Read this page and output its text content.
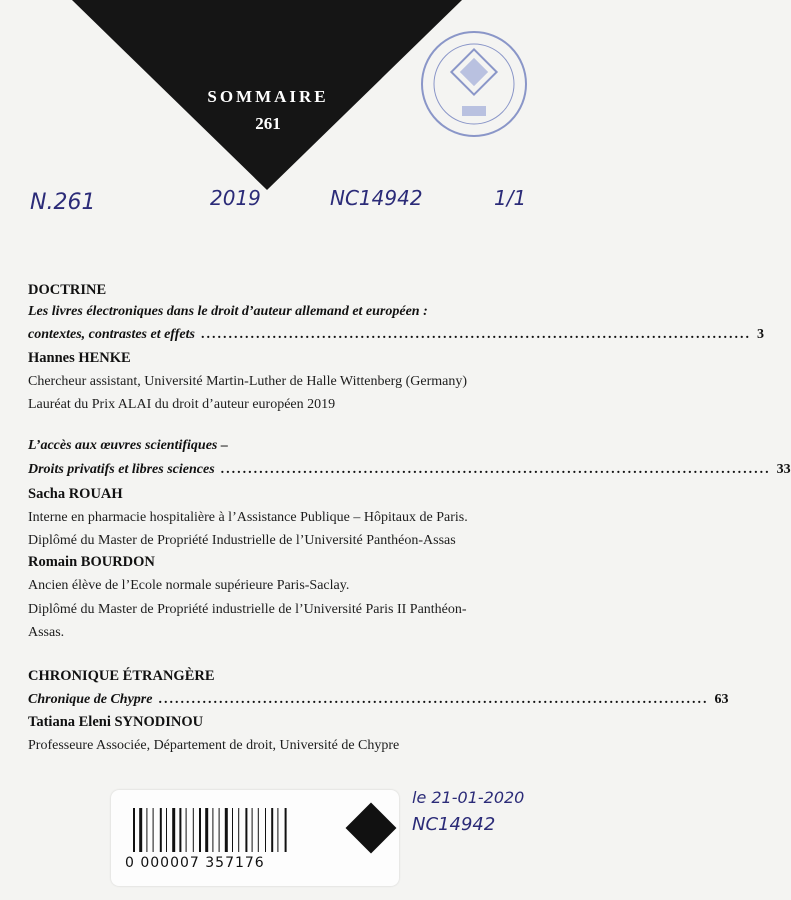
SOMMAIRE
261
N.261	2019	NC14942	1/1
DOCTRINE
Les livres électroniques dans le droit d’auteur allemand et européen :
contextes, contrastes et effets .................................................................................................... 3
Hannes HENKE
Chercheur assistant, Université Martin-Luther de Halle Wittenberg (Germany)
Lauréat du Prix ALAI du droit d’auteur européen 2019
L’accès aux œuvres scientifiques –
Droits privatifs et libres sciences .................................................................................................... 33
Sacha ROUAH
Interne en pharmacie hospitalière à l’Assistance Publique – Hôpitaux de Paris.
Diplômé du Master de Propriété Industrielle de l’Université Panthéon-Assas
Romain BOURDON
Ancien élève de l’Ecole normale supérieure Paris-Saclay.
Diplômé du Master de Propriété industrielle de l’Université Paris II Panthéon-
Assas.
CHRONIQUE ÉTRANGÈRE
Chronique de Chypre .................................................................................................... 63
Tatiana Eleni SYNODINOU
Professeure Associée, Département de droit, Université de Chypre
le 21-01-2020
NC14942
0 000007 357176
